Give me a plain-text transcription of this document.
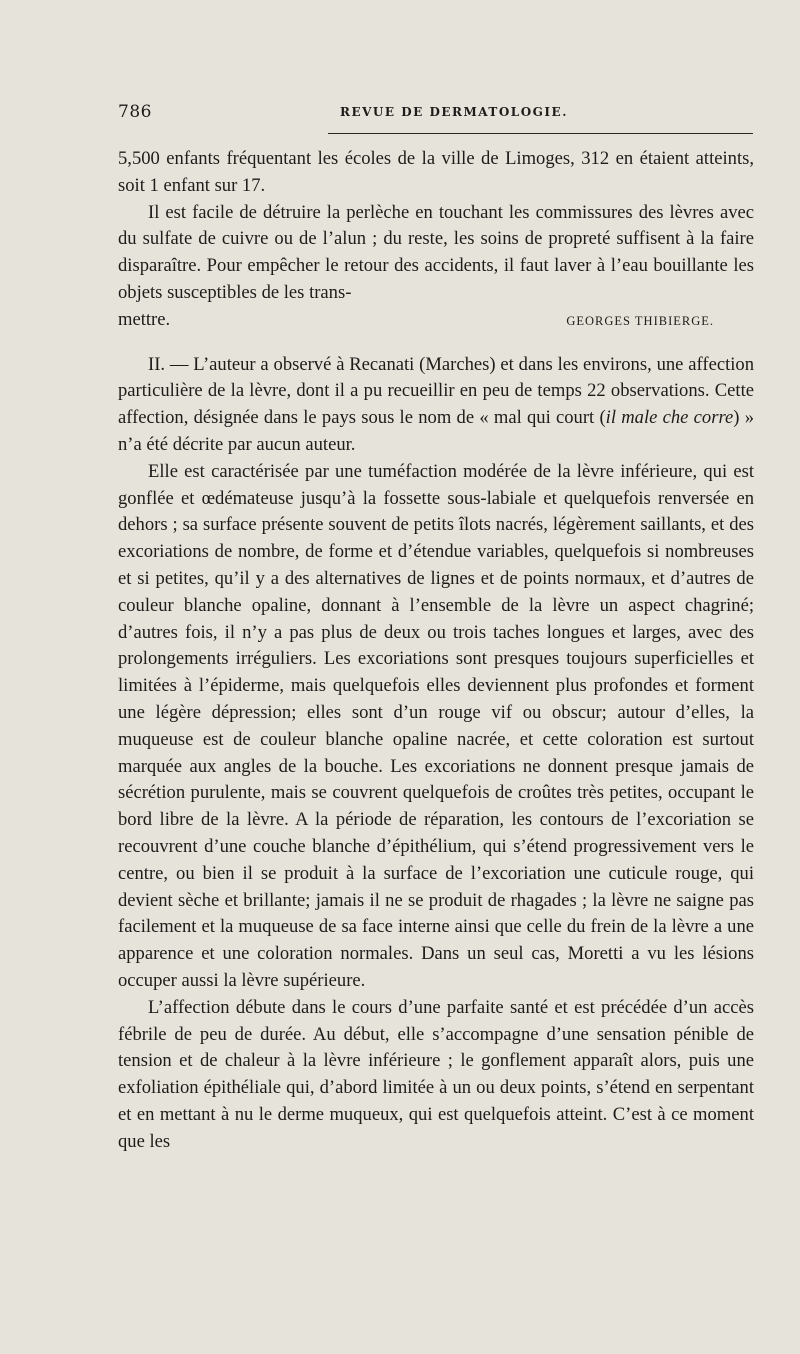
786	REVUE DE DERMATOLOGIE.

5,500 enfants fréquentant les écoles de la ville de Limoges, 312 en étaient atteints, soit 1 enfant sur 17.

Il est facile de détruire la perlèche en touchant les commissures des lèvres avec du sulfate de cuivre ou de l’alun ; du reste, les soins de propreté suffisent à la faire disparaître. Pour empêcher le retour des accidents, il faut laver à l’eau bouillante les objets susceptibles de les trans-

mettre.	GEORGES THIBIERGE.

II. — L’auteur a observé à Recanati (Marches) et dans les environs, une affection particulière de la lèvre, dont il a pu recueillir en peu de temps 22 observations. Cette affection, désignée dans le pays sous le nom de « mal qui court (il male che corre) » n’a été décrite par aucun auteur.

Elle est caractérisée par une tuméfaction modérée de la lèvre inférieure, qui est gonflée et œdémateuse jusqu’à la fossette sous-labiale et quelquefois renversée en dehors ; sa surface présente souvent de petits îlots nacrés, légèrement saillants, et des excoriations de nombre, de forme et d’étendue variables, quelquefois si nombreuses et si petites, qu’il y a des alternatives de lignes et de points normaux, et d’autres de couleur blanche opaline, donnant à l’ensemble de la lèvre un aspect chagriné; d’autres fois, il n’y a pas plus de deux ou trois taches longues et larges, avec des prolongements irréguliers. Les excoriations sont presques toujours superficielles et limitées à l’épiderme, mais quelquefois elles deviennent plus profondes et forment une légère dépression; elles sont d’un rouge vif ou obscur; autour d’elles, la muqueuse est de couleur blanche opaline nacrée, et cette coloration est surtout marquée aux angles de la bouche. Les excoriations ne donnent presque jamais de sécrétion purulente, mais se couvrent quelquefois de croûtes très petites, occupant le bord libre de la lèvre. A la période de réparation, les contours de l’excoriation se recouvrent d’une couche blanche d’épithélium, qui s’étend progressivement vers le centre, ou bien il se produit à la surface de l’excoriation une cuticule rouge, qui devient sèche et brillante; jamais il ne se produit de rhagades ; la lèvre ne saigne pas facilement et la muqueuse de sa face interne ainsi que celle du frein de la lèvre a une apparence et une coloration normales. Dans un seul cas, Moretti a vu les lésions occuper aussi la lèvre supérieure.

L’affection débute dans le cours d’une parfaite santé et est précédée d’un accès fébrile de peu de durée. Au début, elle s’accompagne d’une sensation pénible de tension et de chaleur à la lèvre inférieure ; le gonflement apparaît alors, puis une exfoliation épithéliale qui, d’abord limitée à un ou deux points, s’étend en serpentant et en mettant à nu le derme muqueux, qui est quelquefois atteint. C’est à ce moment que les
